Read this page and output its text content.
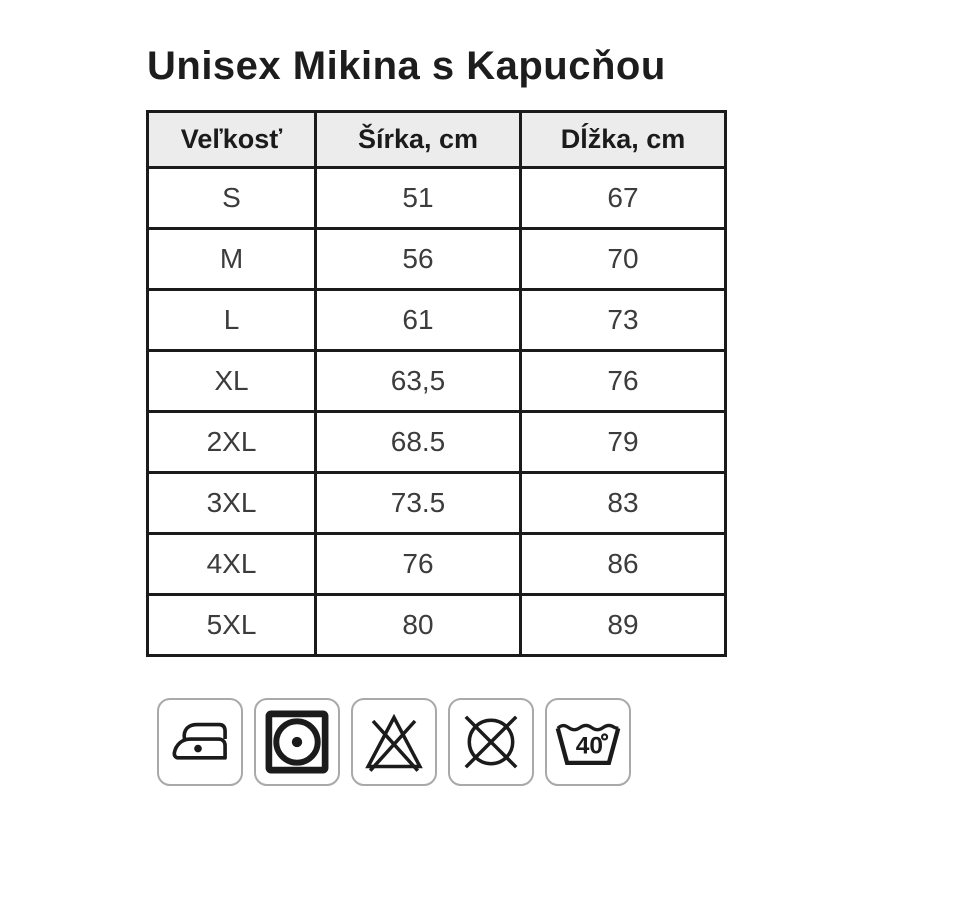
Unisex Mikina s Kapucňou
Veľkosť	Šírka, cm	Dĺžka, cm
S	51	67
M	56	70
L	61	73
XL	63,5	76
2XL	68.5	79
3XL	73.5	83
4XL	76	86
5XL	80	89
40
